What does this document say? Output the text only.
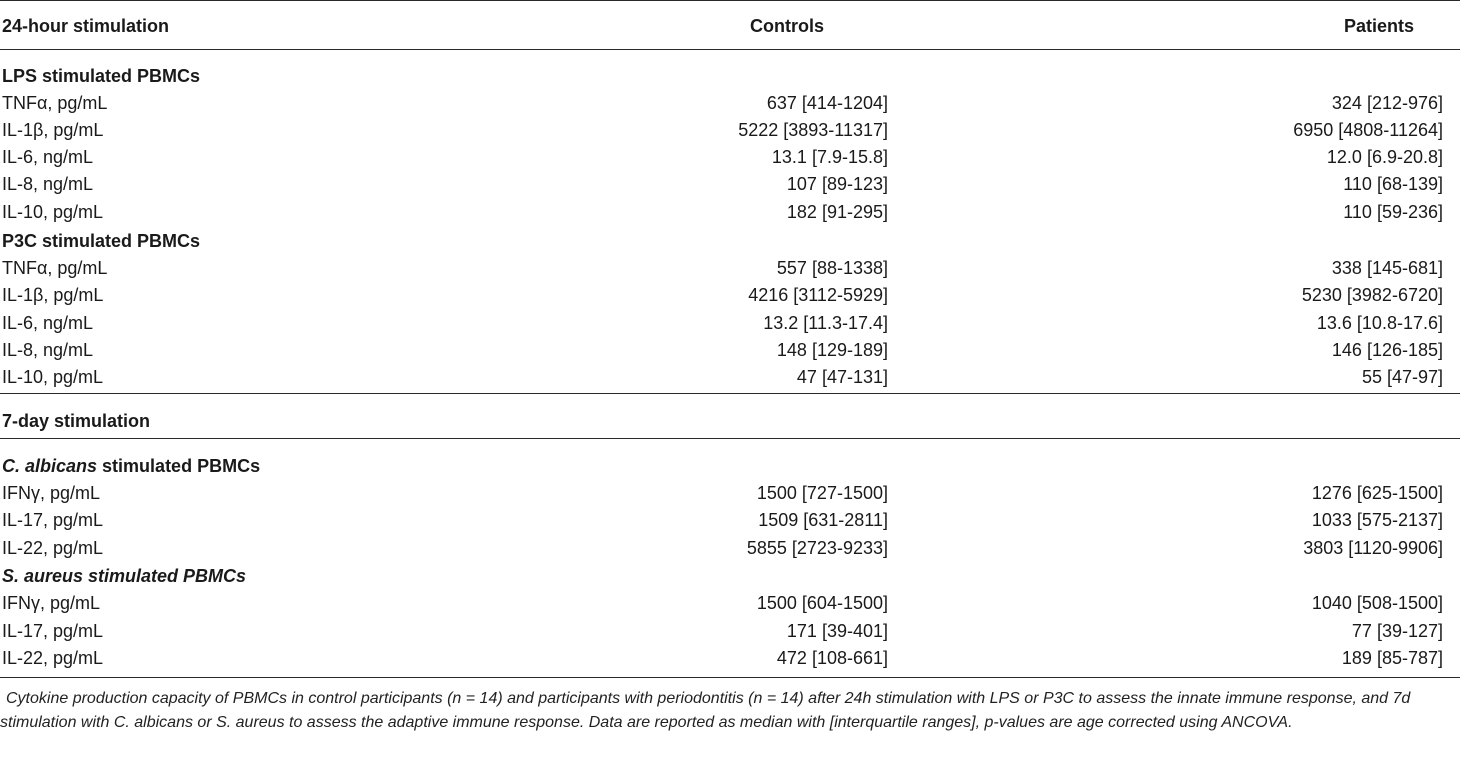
24-hour stimulation	Controls	Patients
LPS stimulated PBMCs
TNFα, pg/mL	637 [414-1204]	324 [212-976]
IL-1β, pg/mL	5222 [3893-11317]	6950 [4808-11264]
IL-6, ng/mL	13.1 [7.9-15.8]	12.0 [6.9-20.8]
IL-8, ng/mL	107 [89-123]	110 [68-139]
IL-10, pg/mL	182 [91-295]	110 [59-236]
P3C stimulated PBMCs
TNFα, pg/mL	557 [88-1338]	338 [145-681]
IL-1β, pg/mL	4216 [3112-5929]	5230 [3982-6720]
IL-6, ng/mL	13.2 [11.3-17.4]	13.6 [10.8-17.6]
IL-8, ng/mL	148 [129-189]	146 [126-185]
IL-10, pg/mL	47 [47-131]	55 [47-97]
7-day stimulation
C. albicans stimulated PBMCs
IFNγ, pg/mL	1500 [727-1500]	1276 [625-1500]
IL-17, pg/mL	1509 [631-2811]	1033 [575-2137]
IL-22, pg/mL	5855 [2723-9233]	3803 [1120-9906]
S. aureus stimulated PBMCs
IFNγ, pg/mL	1500 [604-1500]	1040 [508-1500]
IL-17, pg/mL	171 [39-401]	77 [39-127]
IL-22, pg/mL	472 [108-661]	189 [85-787]
Cytokine production capacity of PBMCs in control participants (n = 14) and participants with periodontitis (n = 14) after 24h stimulation with LPS or P3C to assess the innate immune response, and 7d stimulation with C. albicans or S. aureus to assess the adaptive immune response. Data are reported as median with [interquartile ranges], p-values are age corrected using ANCOVA.
